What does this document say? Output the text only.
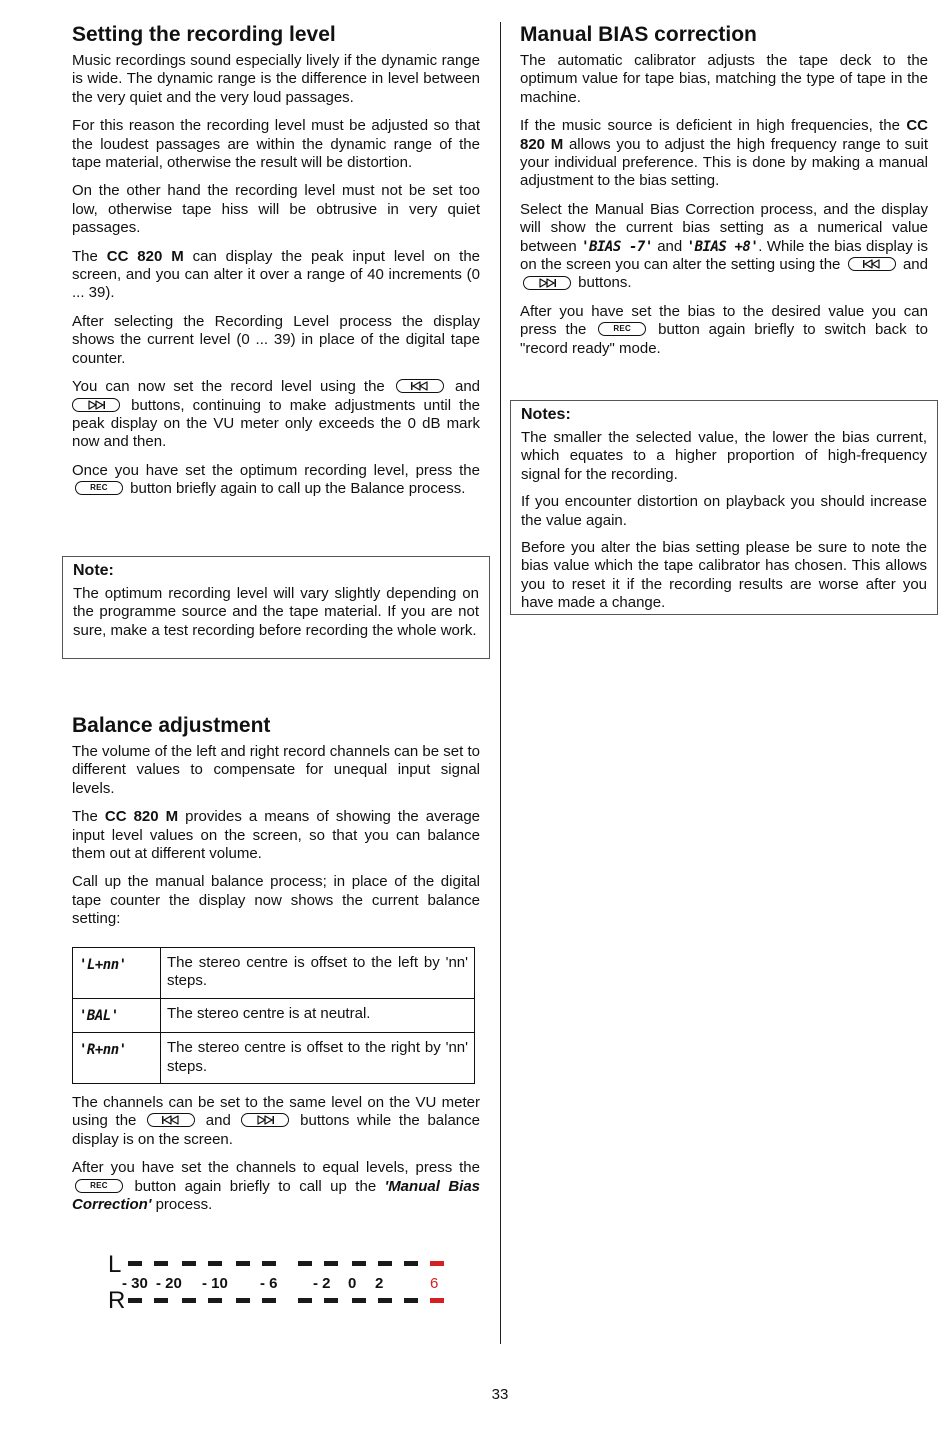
Setting the recording level

Music recordings sound especially lively if the dynamic range is wide. The dynamic range is the difference in level between the very quiet and the very loud passages.

For this reason the recording level must be adjusted so that the loudest passages are within the dynamic range of the tape material, otherwise the result will be distortion.

On the other hand the recording level must not be set too low, otherwise tape hiss will be obtrusive in very quiet passages.

The CC 820 M can display the peak input level on the screen, and you can alter it over a range of 40 increments (0 ... 39).

After selecting the Recording Level process the display shows the current level (0 ... 39) in place of the digital tape counter.

You can now set the record level using the	and
buttons, continuing to make adjustments until the peak display on the VU meter only exceeds the 0 dB mark now and then.

Once you have set the optimum recording level, press the
REC	button briefly again to call up the Balance process.

Note:

The optimum recording level will vary slightly depending on the programme source and the tape material. If you are not sure, make a test recording before recording the whole work.

Balance adjustment

The volume of the left and right record channels can be set to different values to compensate for unequal input signal levels.

The CC 820 M provides a means of showing the average input level values on the screen, so that you can balance them out at different volume.

Call up the manual balance process; in place of the digital tape counter the display now shows the current balance setting:

'L+nn'	The stereo centre is offset to the left by 'nn' steps.
'BAL'	The stereo centre is at neutral.
'R+nn'	The stereo centre is offset to the right by 'nn' steps.

The channels can be set to the same level on the VU meter using the	and	buttons while the balance display is on the screen.

After you have set the channels to equal levels, press the
REC	button again briefly to call up the 'Manual Bias Correction' process.

L
R
- 30 - 20 - 10 - 6 - 2 0 2	6
Manual BIAS correction

The automatic calibrator adjusts the tape deck to the optimum value for tape bias, matching the type of tape in the machine.

If the music source is deficient in high frequencies, the CC 820 M allows you to adjust the high frequency range to suit your individual preference. This is done by making a manual adjustment to the bias setting.

Select the Manual Bias Correction process, and the display will show the current bias setting as a numerical value between 'BIAS -7' and 'BIAS +8'. While the bias display is on the screen you can alter the setting using the	and
buttons.

After you have set the bias to the desired value you can press the	REC	button again briefly to switch back to "record ready" mode.

Notes:

The smaller the selected value, the lower the bias current, which equates to a higher proportion of high-frequency signal for the recording.

If you encounter distortion on playback you should increase the value again.

Before you alter the bias setting please be sure to note the bias value which the tape calibrator has chosen. This allows you to reset it if the recording results are worse after you have made a change.

33
